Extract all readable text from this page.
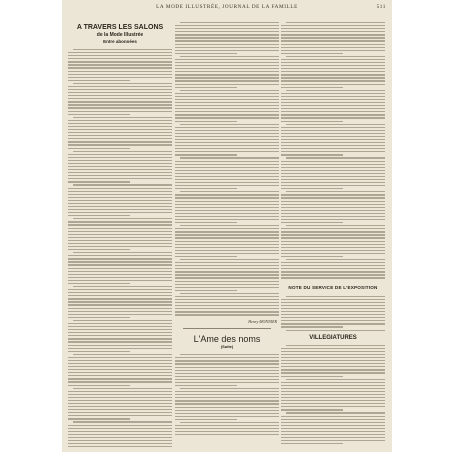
LA MODE ILLUSTRÉE, JOURNAL DE LA FAMILLE	511
A TRAVERS LES SALONS
de la Mode Illustrée
Entre abonnées
Henry MONNIER
L'Ame des noms
(Suite)
NOTE DU SERVICE DE L'EXPOSITION
VILLEGIATURES
